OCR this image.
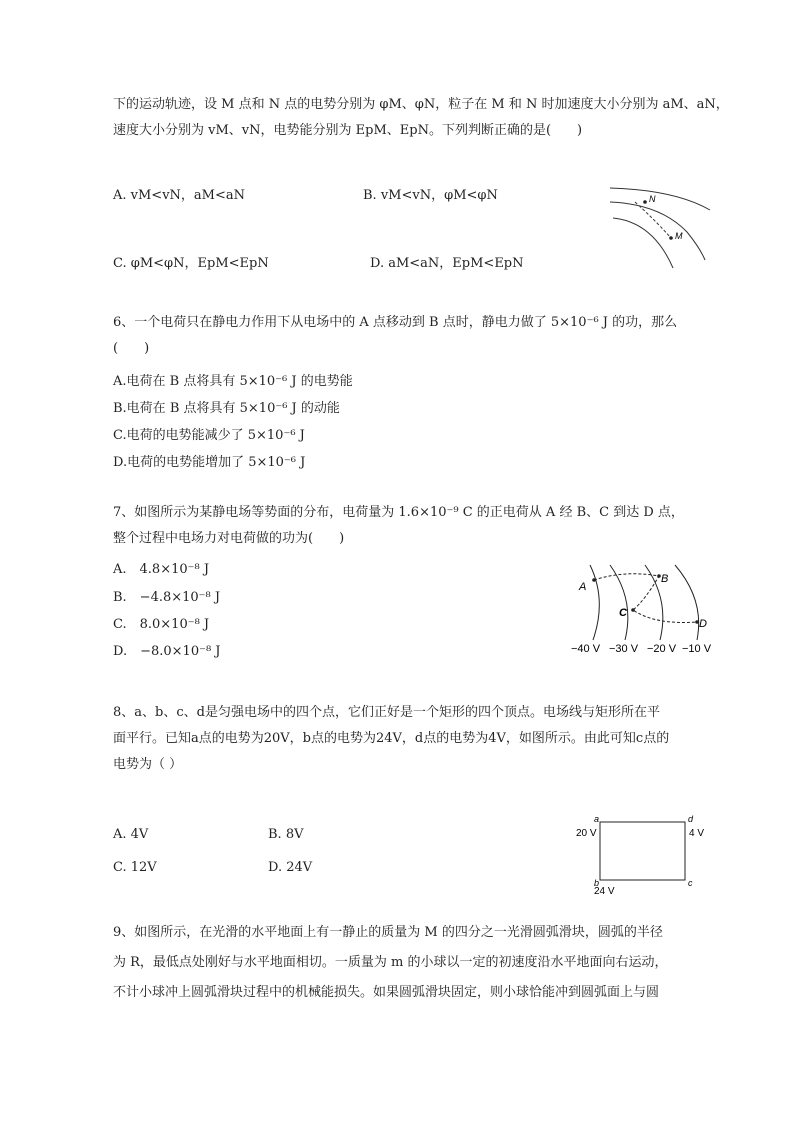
下的运动轨迹，设 M 点和 N 点的电势分别为 φM、φN，粒子在 M 和 N 时加速度大小分别为 aM、aN，
速度大小分别为 vM、vN，电势能分别为 EpM、EpN。下列判断正确的是(　　)
A. vM<vN，aM<aN	B. vM<vN，φM<φN
C. φM<φN，EpM<EpN	D. aM<aN，EpM<EpN
N
M
6、一个电荷只在静电力作用下从电场中的 A 点移动到 B 点时，静电力做了 5×10⁻⁶ J 的功，那么
(　　)
A.电荷在 B 点将具有 5×10⁻⁶ J 的电势能
B.电荷在 B 点将具有 5×10⁻⁶ J 的动能
C.电荷的电势能减少了 5×10⁻⁶ J
D.电荷的电势能增加了 5×10⁻⁶ J
7、如图所示为某静电场等势面的分布，电荷量为 1.6×10⁻⁹ C 的正电荷从 A 经 B、C 到达 D 点，
整个过程中电场力对电荷做的功为(　　)
A.　4.8×10⁻⁸ J
B.　−4.8×10⁻⁸ J
C.　8.0×10⁻⁸ J
D.　−8.0×10⁻⁸ J
A
B
C
D
−40 V −30 V −20 V −10 V
8、a、b、c、d是匀强电场中的四个点，它们正好是一个矩形的四个顶点。电场线与矩形所在平
面平行。已知a点的电势为20V，b点的电势为24V，d点的电势为4V，如图所示。由此可知c点的
电势为（ ）
A. 4V	B. 8V
C. 12V	D. 24V
a
b	c
d
20 V
24 V
4 V
9、如图所示，在光滑的水平地面上有一静止的质量为 M 的四分之一光滑圆弧滑块，圆弧的半径
为 R，最低点处刚好与水平地面相切。一质量为 m 的小球以一定的初速度沿水平地面向右运动，
不计小球冲上圆弧滑块过程中的机械能损失。如果圆弧滑块固定，则小球恰能冲到圆弧面上与圆
